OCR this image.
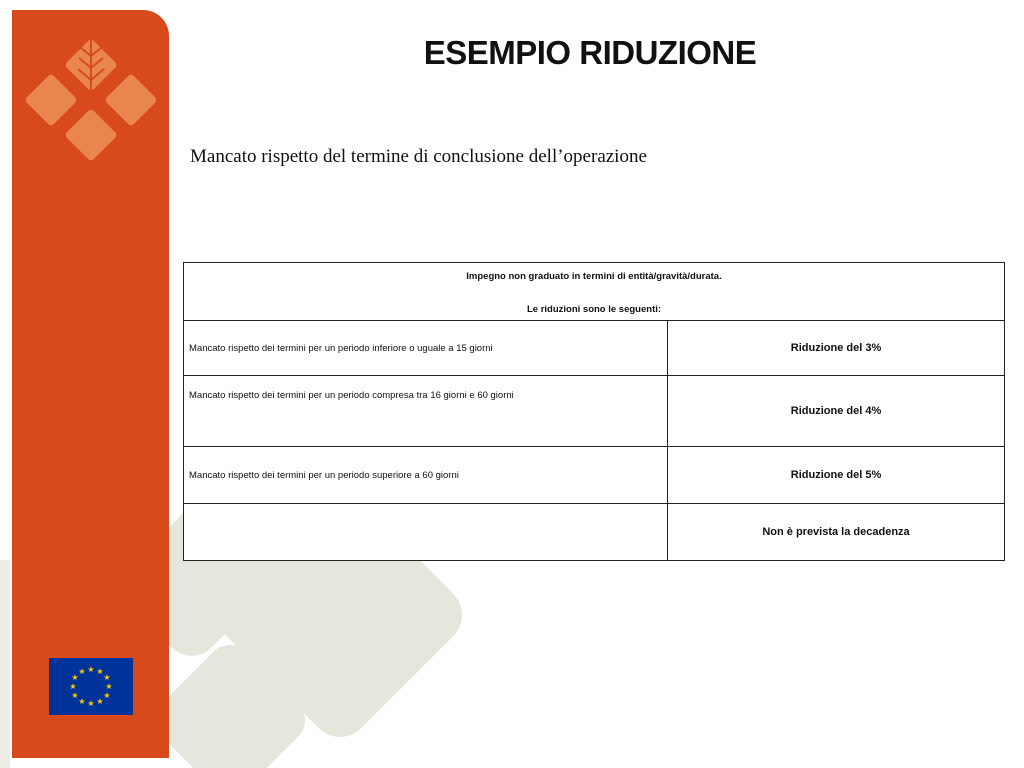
★ ★
★
★
★
★
★
★
★
★
★
★
ESEMPIO RIDUZIONE

Mancato rispetto del termine di conclusione dell’operazione

Impegno non graduato in termini di entità/gravità/durata.
Le riduzioni sono le seguenti:	

Mancato rispetto dei termini per un periodo inferiore o uguale a 15 giorni	Riduzione del 3%
Mancato rispetto dei termini per un periodo compresa tra 16 giorni e 60 giorni	Riduzione del 4%
Mancato rispetto dei termini per un periodo superiore a 60 giorni	Riduzione del 5%
	Non è prevista la decadenza
